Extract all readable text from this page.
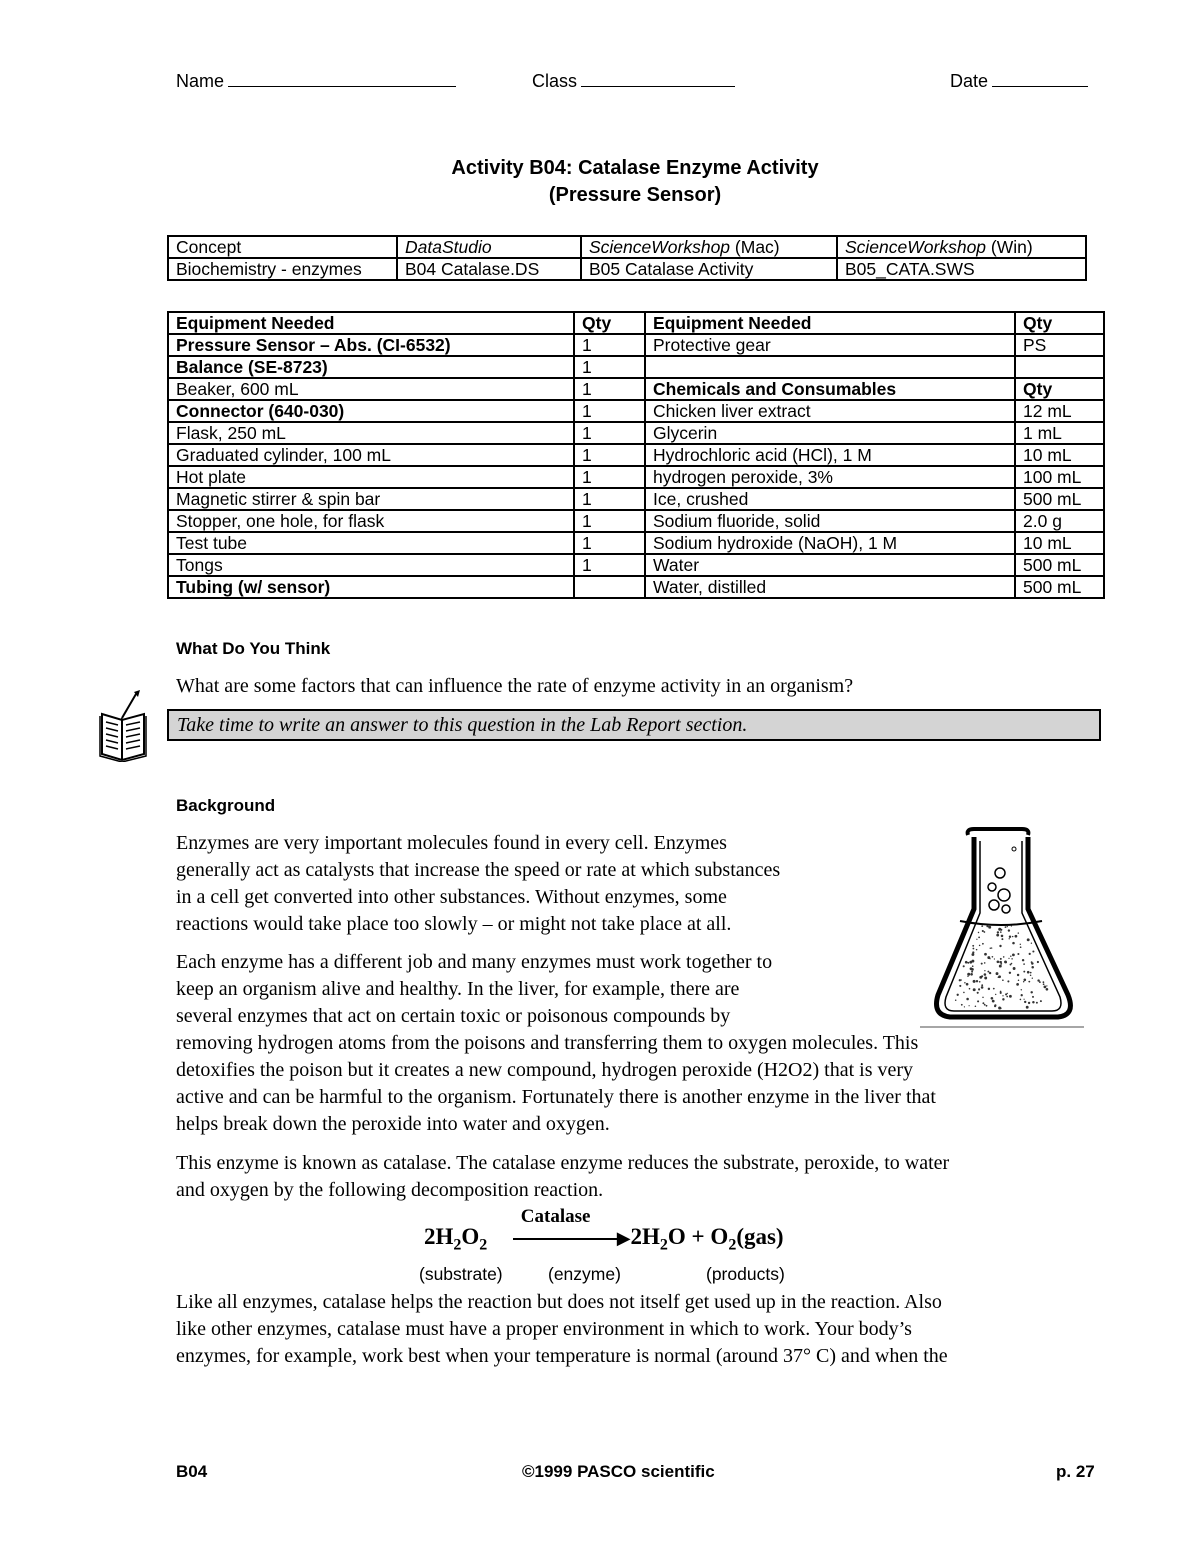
Name	Class	Date
Activity B04: Catalase Enzyme Activity
(Pressure Sensor)
Concept	DataStudio	ScienceWorkshop (Mac)	ScienceWorkshop (Win)
Biochemistry - enzymes	B04 Catalase.DS	B05 Catalase Activity	B05_CATA.SWS
Equipment Needed	Qty	Equipment Needed	Qty
Pressure Sensor – Abs. (CI-6532)	1	Protective gear	PS
Balance (SE-8723)	1		
Beaker, 600 mL	1	Chemicals and Consumables	Qty
Connector (640-030)	1	Chicken liver extract	12 mL
Flask, 250 mL	1	Glycerin	1 mL
Graduated cylinder, 100 mL	1	Hydrochloric acid (HCl), 1 M	10 mL
Hot plate	1	hydrogen peroxide, 3%	100 mL
Magnetic stirrer & spin bar	1	Ice, crushed	500 mL
Stopper, one hole, for flask	1	Sodium fluoride, solid	2.0 g
Test tube	1	Sodium hydroxide (NaOH), 1 M	10 mL
Tongs	1	Water	500 mL
Tubing (w/ sensor)		Water, distilled	500 mL
What Do You Think
What are some factors that can influence the rate of enzyme activity in an organism?
Take time to write an answer to this question in the Lab Report section.
Background
Enzymes are very important molecules found in every cell. Enzymes
generally act as catalysts that increase the speed or rate at which substances
in a cell get converted into other substances. Without enzymes, some
reactions would take place too slowly – or might not take place at all.
Each enzyme has a different job and many enzymes must work together to
keep an organism alive and healthy. In the liver, for example, there are
several enzymes that act on certain toxic or poisonous compounds by
removing hydrogen atoms from the poisons and transferring them to oxygen molecules. This
detoxifies the poison but it creates a new compound, hydrogen peroxide (H2O2) that is very
active and can be harmful to the organism. Fortunately there is another enzyme in the liver that
helps break down the peroxide into water and oxygen.
This enzyme is known as catalase. The catalase enzyme reduces the substrate, peroxide, to water
and oxygen by the following decomposition reaction.
$2H_2O_2$
Catalase
▶ $2H_2O + O_2(gas)$
(substrate)	(enzyme)	(products)
Like all enzymes, catalase helps the reaction but does not itself get used up in the reaction. Also
like other enzymes, catalase must have a proper environment in which to work. Your body’s
enzymes, for example, work best when your temperature is normal (around 37° C) and when the
B04	©1999 PASCO scientific	p. 27
